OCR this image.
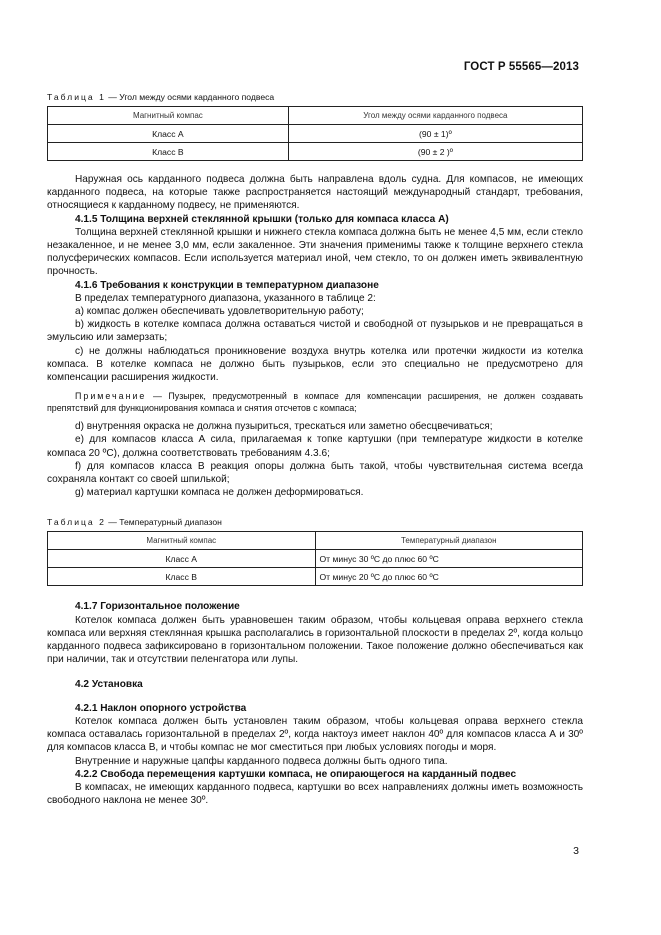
ГОСТ Р 55565—2013
Таблица 1 — Угол между осями карданного подвеса
Магнитный компас	Угол между осями карданного подвеса
Класс А	(90 ± 1)º
Класс В	(90 ± 2 )º

Наружная ось карданного подвеса должна быть направлена вдоль судна. Для компасов, не имеющих карданного подвеса, на которые также распространяется настоящий международный стандарт, требования, относящиеся к карданному подвесу, не применяются.

4.1.5 Толщина верхней стеклянной крышки (только для компаса класса А)

Толщина верхней стеклянной крышки и нижнего стекла компаса должна быть не менее 4,5 мм, если стекло незакаленное, и не менее 3,0 мм, если закаленное. Эти значения применимы также к толщине верхнего стекла полусферических компасов. Если используется материал иной, чем стекло, то он должен иметь эквивалентную прочность.

4.1.6 Требования к конструкции в температурном диапазоне

В пределах температурного диапазона, указанного в таблице 2:

а) компас должен обеспечивать удовлетворительную работу;

b) жидкость в котелке компаса должна оставаться чистой и свободной от пузырьков и не превращаться в эмульсию или замерзать;

c) не должны наблюдаться проникновение воздуха внутрь котелка или протечки жидкости из котелка компаса. В котелке компаса не должно быть пузырьков, если это специально не предусмотрено для компенсации расширения жидкости.

Примечание — Пузырек, предусмотренный в компасе для компенсации расширения, не должен создавать препятствий для функционирования компаса и снятия отсчетов с компаса;

d) внутренняя окраска не должна пузыриться, трескаться или заметно обесцвечиваться;

e) для компасов класса А сила, прилагаемая к топке картушки (при температуре жидкости в котелке компаса 20 ºC), должна соответствовать требованиям 4.3.6;

f) для компасов класса В реакция опоры должна быть такой, чтобы чувствительная система всегда сохраняла контакт со своей шпилькой;

g) материал картушки компаса не должен деформироваться.

Таблица 2 — Температурный диапазон
Магнитный компас	Температурный диапазон
Класс А	От минус 30 ºC до плюс 60 ºC
Класс В	От минус 20 ºC до плюс 60 ºC

4.1.7 Горизонтальное положение

Котелок компаса должен быть уравновешен таким образом, чтобы кольцевая оправа верхнего стекла компаса или верхняя стеклянная крышка располагались в горизонтальной плоскости в пределах 2º, когда кольцо карданного подвеса зафиксировано в горизонтальном положении. Такое положение должно обеспечиваться как при наличии, так и отсутствии пеленгатора или лупы.

4.2 Установка

4.2.1 Наклон опорного устройства

Котелок компаса должен быть установлен таким образом, чтобы кольцевая оправа верхнего стекла компаса оставалась горизонтальной в пределах 2º, когда нактоуз имеет наклон 40º для компасов класса А и 30º для компасов класса В, и чтобы компас не мог сместиться при любых условиях погоды и моря.

Внутренние и наружные цапфы карданного подвеса должны быть одного типа.

4.2.2 Свобода перемещения картушки компаса, не опирающегося на карданный подвес

В компасах, не имеющих карданного подвеса, картушки во всех направлениях должны иметь возможность свободного наклона не менее 30º.

3
